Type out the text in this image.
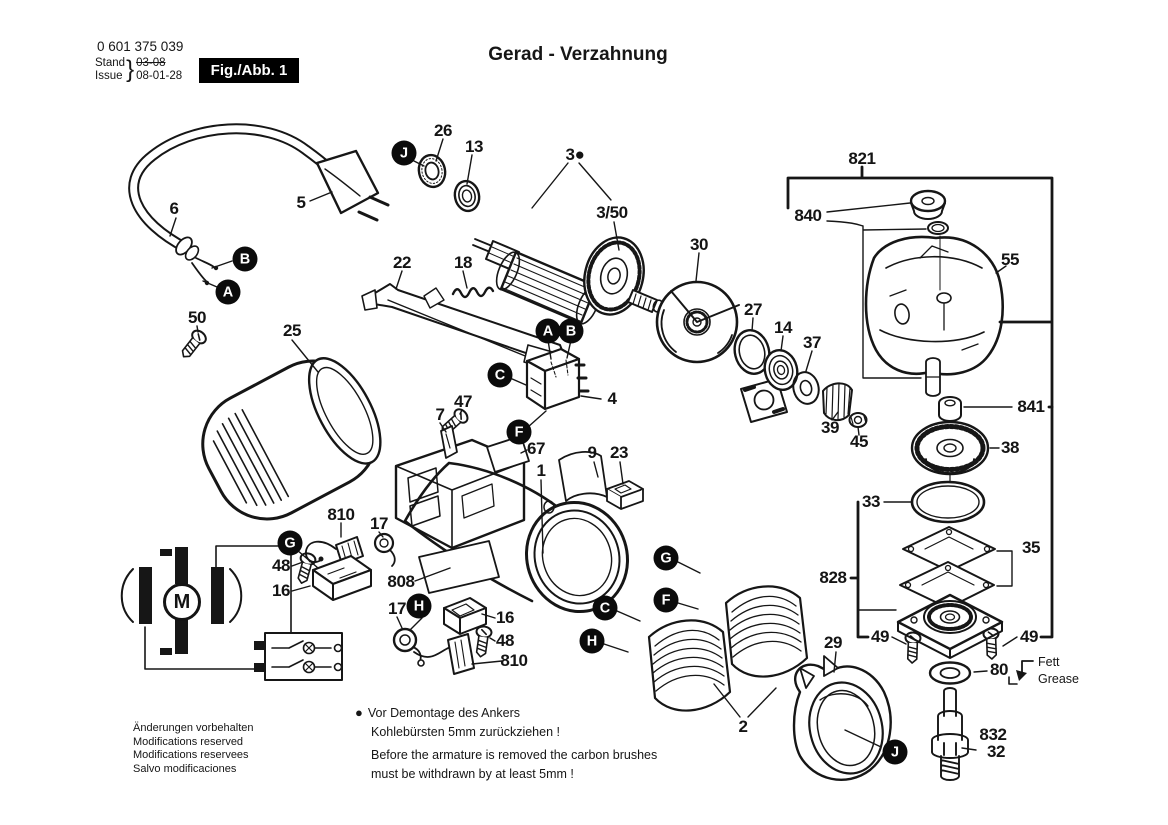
0 601 375 039
Stand
Issue } 03-08
08-01-28	Fig./Abb. 1
Gerad - Verzahnung
Fett
Grease
Änderungen vorbehalten
Modifications reserved
Modifications reservees
Salvo modificaciones
● Vor Demontage des Ankers
Kohlebürsten 5mm zurückziehen !
Before the armature is removed the carbon brushes
must be withdrawn by at least 5mm !
26
13	3●
3/50
30
821
840
55
6	5
22	18
27
14
37
50
25
4	841
39
45	38
7
47
67
1
9 23
33
35
810 17
48
16	808	828
29 49	49
80
17	16
48
810
2	832
32
J
B
A
A B
C
F
G
H
G
F
C
H
J
M
